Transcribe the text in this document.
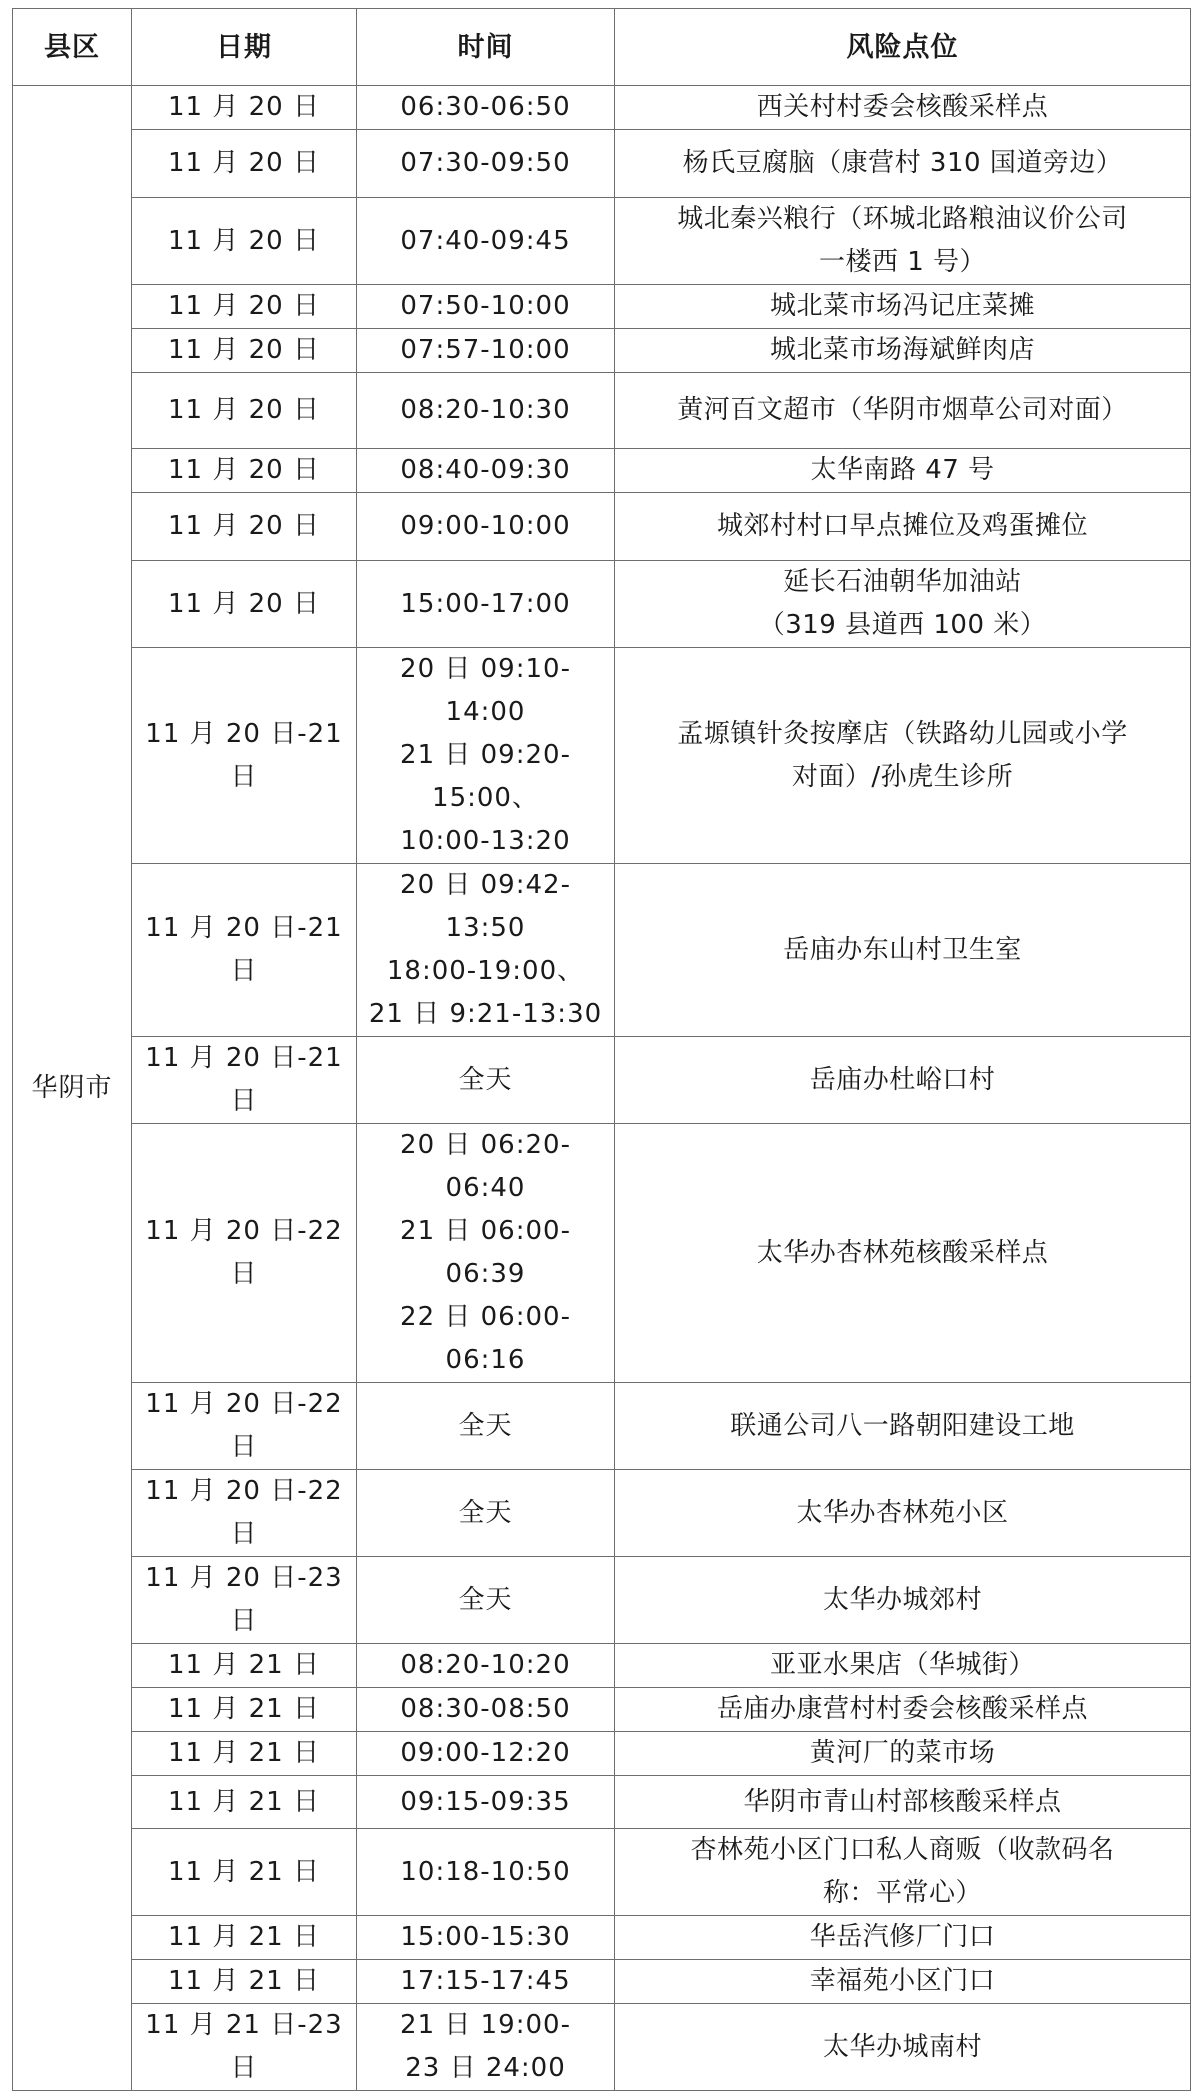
县区	日期	时间	风险点位
华阴市	11 月 20 日	06:30-06:50	西关村村委会核酸采样点

	11 月 20 日	07:30-09:50	杨氏豆腐脑（康营村 310 国道旁边）

	11 月 20 日	07:40-09:45	城北秦兴粮行（环城北路粮油议价公司
一楼西 1 号）

	11 月 20 日	07:50-10:00	城北菜市场冯记庄菜摊

	11 月 20 日	07:57-10:00	城北菜市场海斌鲜肉店

	11 月 20 日	08:20-10:30	黄河百文超市（华阴市烟草公司对面）

	11 月 20 日	08:40-09:30	太华南路 47 号

	11 月 20 日	09:00-10:00	城郊村村口早点摊位及鸡蛋摊位

	11 月 20 日	15:00-17:00	延长石油朝华加油站
（319 县道西 100 米）

	11 月 20 日-21 日	20 日 09:10-14:00
21 日 09:20-15:00、
10:00-13:20	孟塬镇针灸按摩店（铁路幼儿园或小学
对面）/孙虎生诊所

	11 月 20 日-21 日	20 日 09:42-13:50
18:00-19:00、
21 日 9:21-13:30	岳庙办东山村卫生室

	11 月 20 日-21 日	全天	岳庙办杜峪口村

	11 月 20 日-22 日	20 日 06:20-06:40
21 日 06:00-06:39
22 日 06:00-06:16	太华办杏林苑核酸采样点

	11 月 20 日-22 日	全天	联通公司八一路朝阳建设工地

	11 月 20 日-22 日	全天	太华办杏林苑小区

	11 月 20 日-23 日	全天	太华办城郊村

	11 月 21 日	08:20-10:20	亚亚水果店（华城街）

	11 月 21 日	08:30-08:50	岳庙办康营村村委会核酸采样点

	11 月 21 日	09:00-12:20	黄河厂的菜市场

	11 月 21 日	09:15-09:35	华阴市青山村部核酸采样点

	11 月 21 日	10:18-10:50	杏林苑小区门口私人商贩（收款码名
称：平常心）

	11 月 21 日	15:00-15:30	华岳汽修厂门口

	11 月 21 日	17:15-17:45	幸福苑小区门口

	11 月 21 日-23 日	21 日 19:00-
23 日 24:00	太华办城南村
